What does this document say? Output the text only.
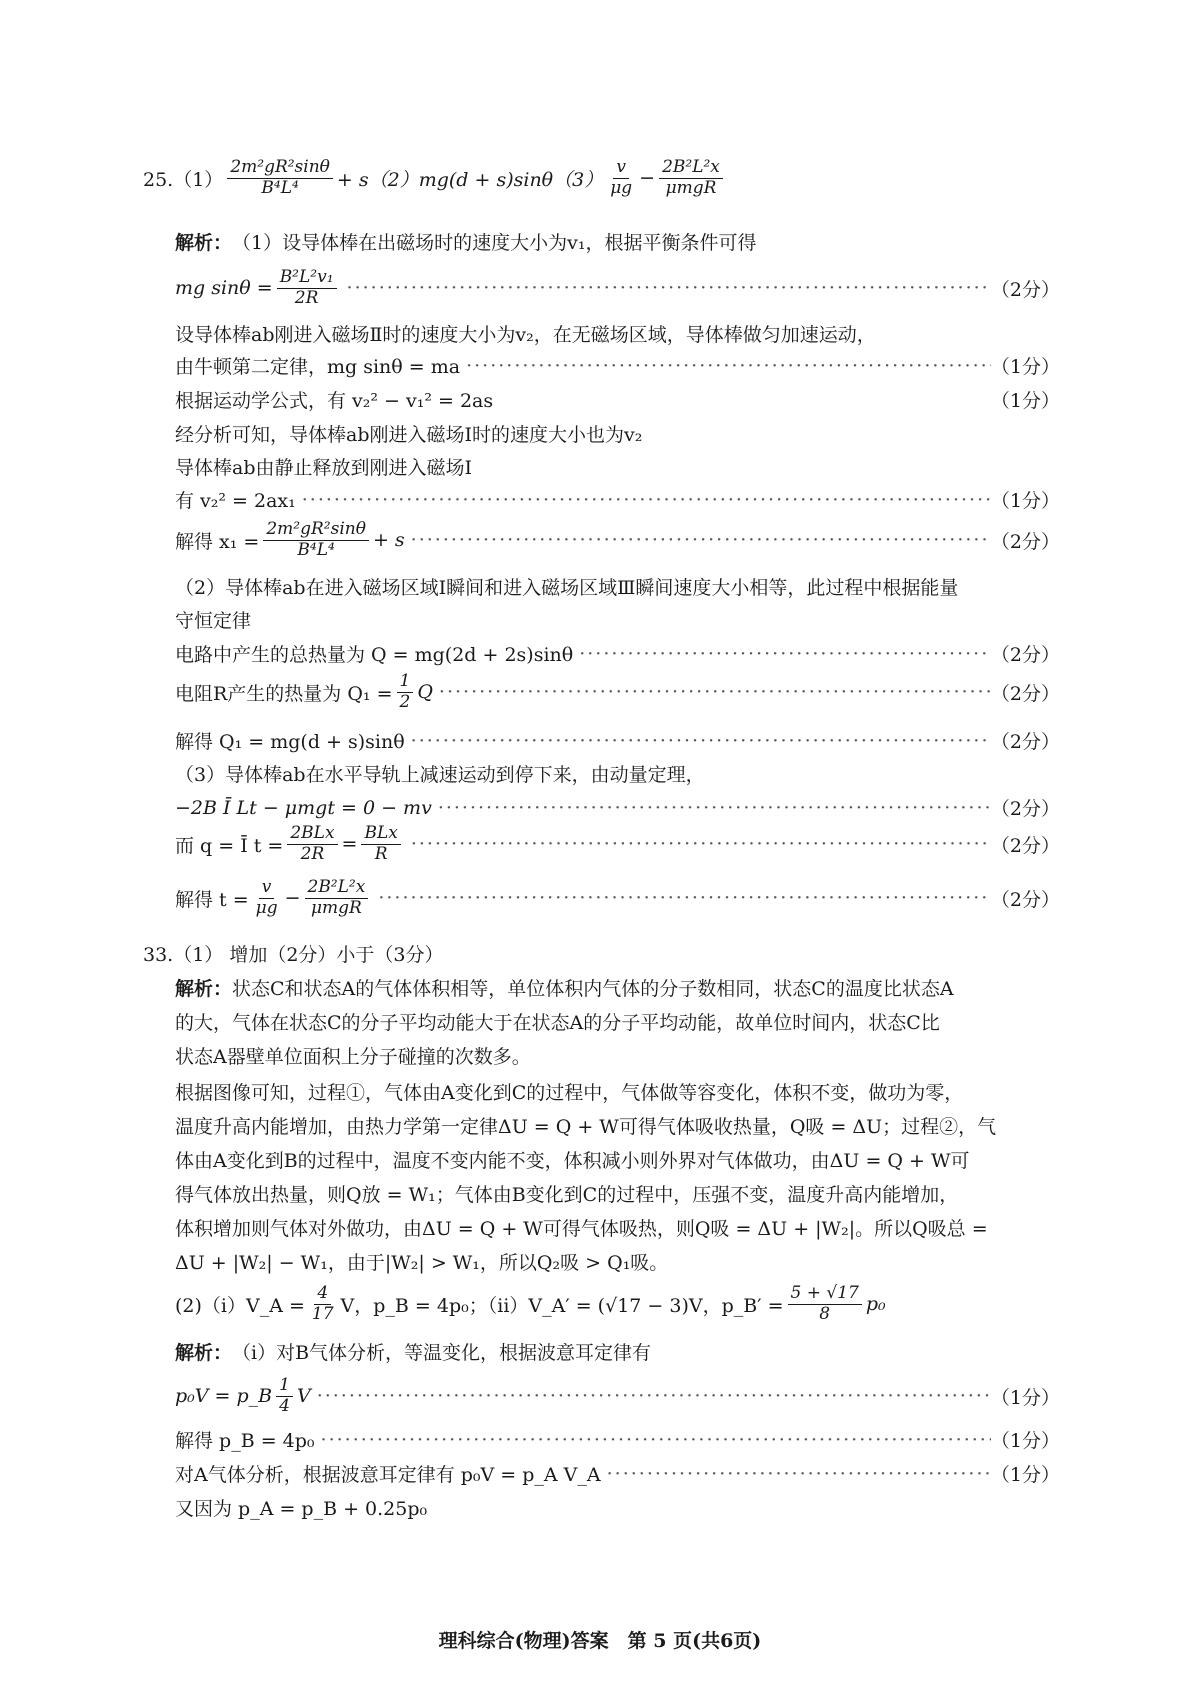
$25.(1) \frac{\text{2m²gR²sinθ}}{\text{B⁴L⁴}} + s(2)mg(d + s)\sin\theta(3) \frac{v}{\mu g} - \frac{\text{2B²L²x}}{\text{μmgR}}$
解析： （1）设导体棒在出磁场时的速度大小为v₁，根据平衡条件可得
mg $\sin\theta = \frac{\text{B²L²v₁}}{2R}$ ·····	（2分）
设导体棒ab刚进入磁场Ⅱ时的速度大小为v₂，在无磁场区域，导体棒做匀加速运动，
由牛顿第二定律，mg sinθ = ma ·····	（1分）
根据运动学公式，有 v₂² − v₁² = 2as	（1分）
经分析可知，导体棒ab刚进入磁场Ⅰ时的速度大小也为v₂
导体棒ab由静止释放到刚进入磁场Ⅰ
有 v₂² = 2ax₁ ·····	（1分）
解得 $x_1 = \frac{\text{2m²gR²sinθ}}{\text{B⁴L⁴}} + s$ ·····	（2分）
（2）导体棒ab在进入磁场区域Ⅰ瞬间和进入磁场区域Ⅲ瞬间速度大小相等，此过程中根据能量
守恒定律
电路中产生的总热量为 Q = mg(2d + 2s)sinθ ·····	（2分）
电阻R产生的热量为 $Q_1 = \frac{1}{2}$ Q ·····	（2分）
解得 Q₁ = mg(d + s)sinθ ·····	（2分）
（3）导体棒ab在水平导轨上减速运动到停下来，由动量定理，
−2B Ī Lt − μmgt = 0 − mv ·····	（2分）
而 q = Ī $t = \frac{\text{2BLx}}{2R} = \frac{\text{BLx}}{R}$ ·····	（2分）
解得 $t = \frac{v}{\mu g} - \frac{\text{2B²L²x}}{\text{μmgR}}$ ·····	（2分）
33.（1） 增加（2分）小于（3分）
解析： 状态C和状态A的气体体积相等，单位体积内气体的分子数相同，状态C的温度比状态A
的大，气体在状态C的分子平均动能大于在状态A的分子平均动能，故单位时间内，状态C比
状态A器壁单位面积上分子碰撞的次数多。
根据图像可知，过程①，气体由A变化到C的过程中，气体做等容变化，体积不变，做功为零，
温度升高内能增加，由热力学第一定律ΔU = Q + W可得气体吸收热量，Q吸 = ΔU；过程②，气
体由A变化到B的过程中，温度不变内能不变，体积减小则外界对气体做功，由ΔU = Q + W可
得气体放出热量，则Q放 = W₁；气体由B变化到C的过程中，压强不变，温度升高内能增加，
体积增加则气体对外做功，由ΔU = Q + W可得气体吸热，则Q吸 = ΔU + |W₂|。所以Q吸总 =
ΔU + |W₂| − W₁，由于|W₂| > W₁，所以Q₂吸 > Q₁吸。
(2)（i）V_A = $\frac{4}{17}$ V，p_B = 4p₀；（ii）V_A′ = (√17 − 3)V，p_B′ = $\frac{5 + √17}{8} p_0$
解析： （i）对B气体分析，等温变化，根据波意耳定律有
p₀V = p_B $\frac{1}{4}$ V ·····	（1分）
解得 p_B = 4p₀ ·····	（1分）
对A气体分析，根据波意耳定律有 p₀V = p_A V_A ·····	（1分）
又因为 p_A = p_B + 0.25p₀
理科综合(物理)答案　第 5 页(共6页)
